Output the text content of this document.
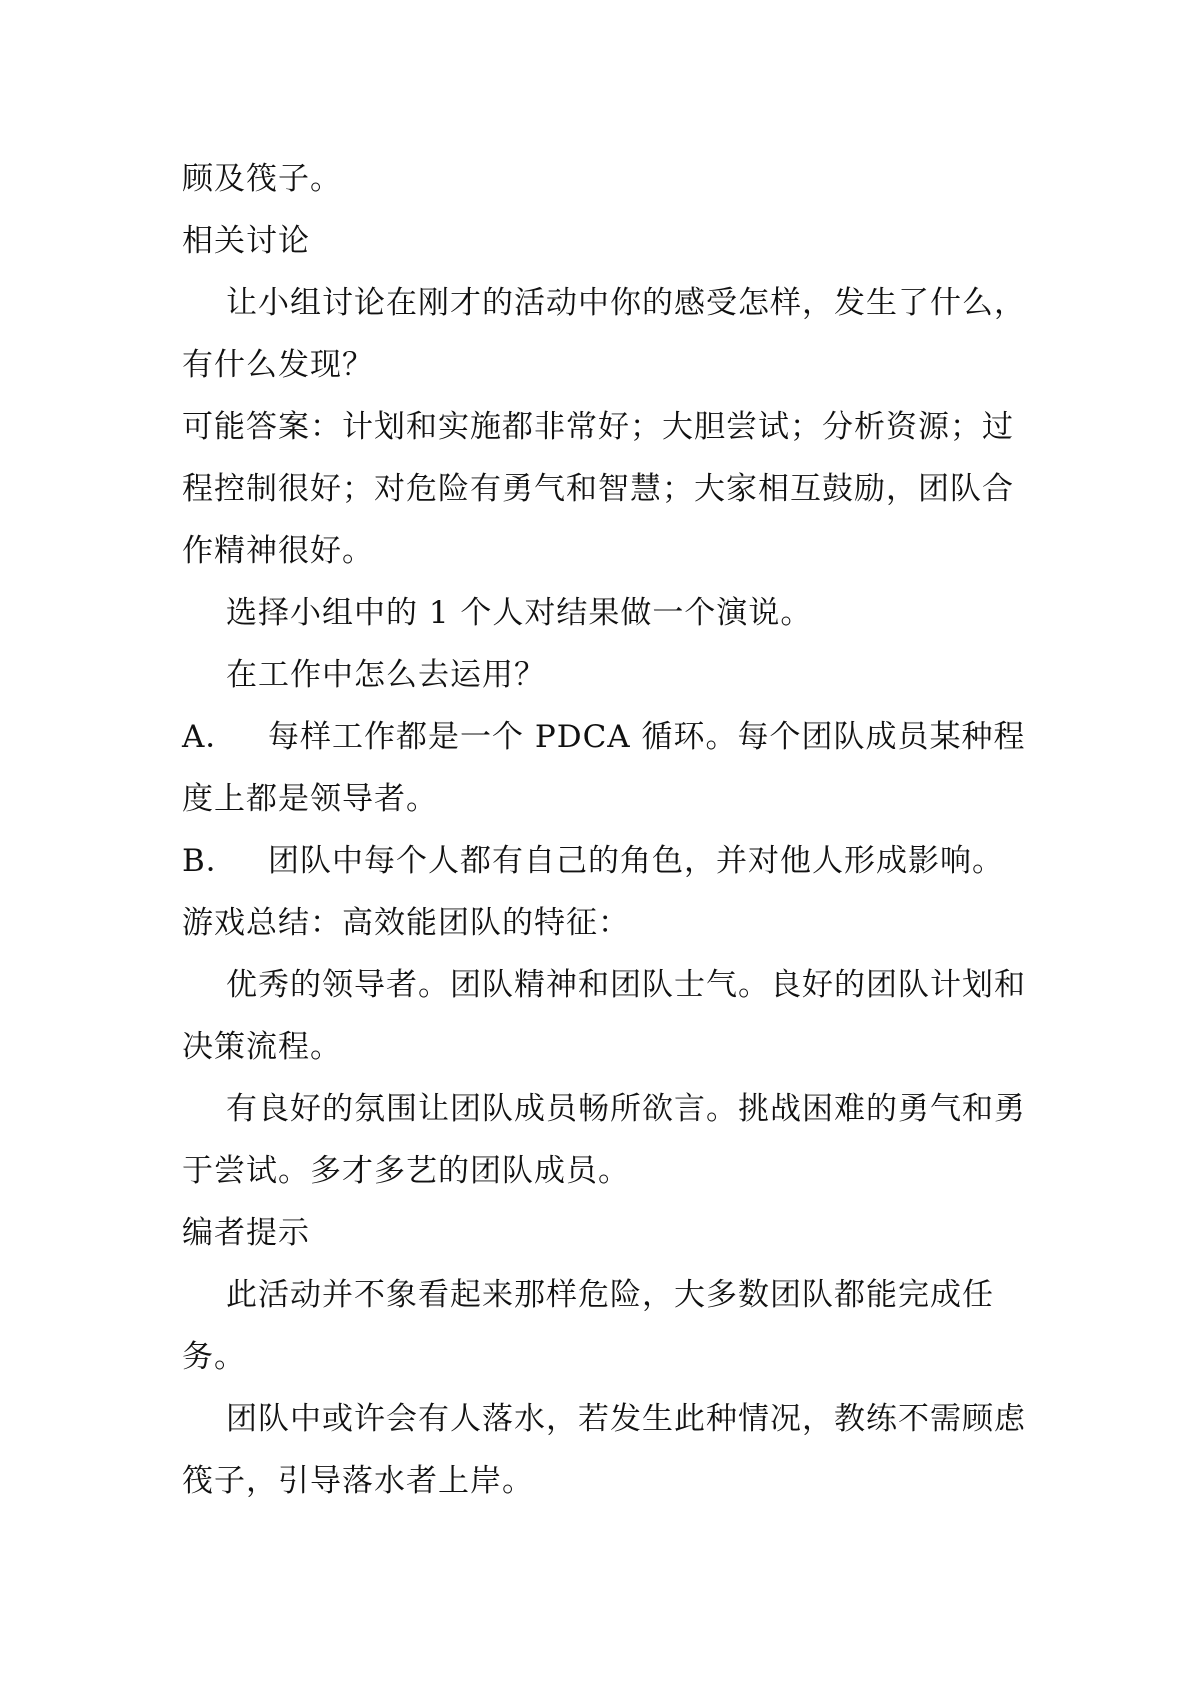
顾及筏子。
相关讨论
让小组讨论在刚才的活动中你的感受怎样，发生了什么，
有什么发现？
可能答案：计划和实施都非常好；大胆尝试；分析资源；过
程控制很好；对危险有勇气和智慧；大家相互鼓励，团队合
作精神很好。
选择小组中的 1 个人对结果做一个演说。
在工作中怎么去运用？
A． 每样工作都是一个 PDCA 循环。每个团队成员某种程
度上都是领导者。
B． 团队中每个人都有自己的角色，并对他人形成影响。
游戏总结：高效能团队的特征：
优秀的领导者。团队精神和团队士气。良好的团队计划和
决策流程。
有良好的氛围让团队成员畅所欲言。挑战困难的勇气和勇
于尝试。多才多艺的团队成员。
编者提示
此活动并不象看起来那样危险，大多数团队都能完成任
务。
团队中或许会有人落水，若发生此种情况，教练不需顾虑
筏子，引导落水者上岸。
